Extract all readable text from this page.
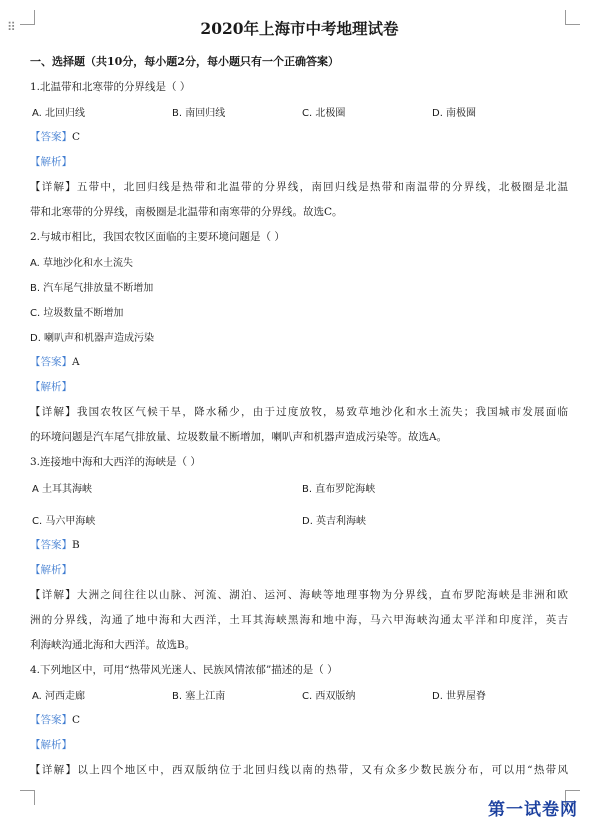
⠿	2020年上海市中考地理试卷
一、选择题（共10分，每小题2分，每小题只有一个正确答案）
1.北温带和北寒带的分界线是（ ）
A. 北回归线	B. 南回归线	C. 北极圈	D. 南极圈
【答案】C
【解析】
【详解】五带中，北回归线是热带和北温带的分界线，南回归线是热带和南温带的分界线，北极圈是北温
带和北寒带的分界线，南极圈是北温带和南寒带的分界线。故选C。
2.与城市相比，我国农牧区面临的主要环境问题是（ ）
A. 草地沙化和水土流失
B. 汽车尾气排放量不断增加
C. 垃圾数量不断增加
D. 喇叭声和机器声造成污染
【答案】A
【解析】
【详解】我国农牧区气候干旱，降水稀少，由于过度放牧，易致草地沙化和水土流失；我国城市发展面临
的环境问题是汽车尾气排放量、垃圾数量不断增加，喇叭声和机器声造成污染等。故选A。
3.连接地中海和大西洋的海峡是（ ）
A 土耳其海峡	B. 直布罗陀海峡
C. 马六甲海峡	D. 英吉利海峡
【答案】B
【解析】
【详解】大洲之间往往以山脉、河流、湖泊、运河、海峡等地理事物为分界线，直布罗陀海峡是非洲和欧
洲的分界线，沟通了地中海和大西洋，土耳其海峡黑海和地中海，马六甲海峡沟通太平洋和印度洋，英吉
利海峡沟通北海和大西洋。故选B。
4.下列地区中，可用“热带风光迷人、民族风情浓郁”描述的是（ ）
A. 河西走廊	B. 塞上江南	C. 西双版纳	D. 世界屋脊
【答案】C
【解析】
【详解】以上四个地区中，西双版纳位于北回归线以南的热带，又有众多少数民族分布，可以用“热带风
第一试卷网
